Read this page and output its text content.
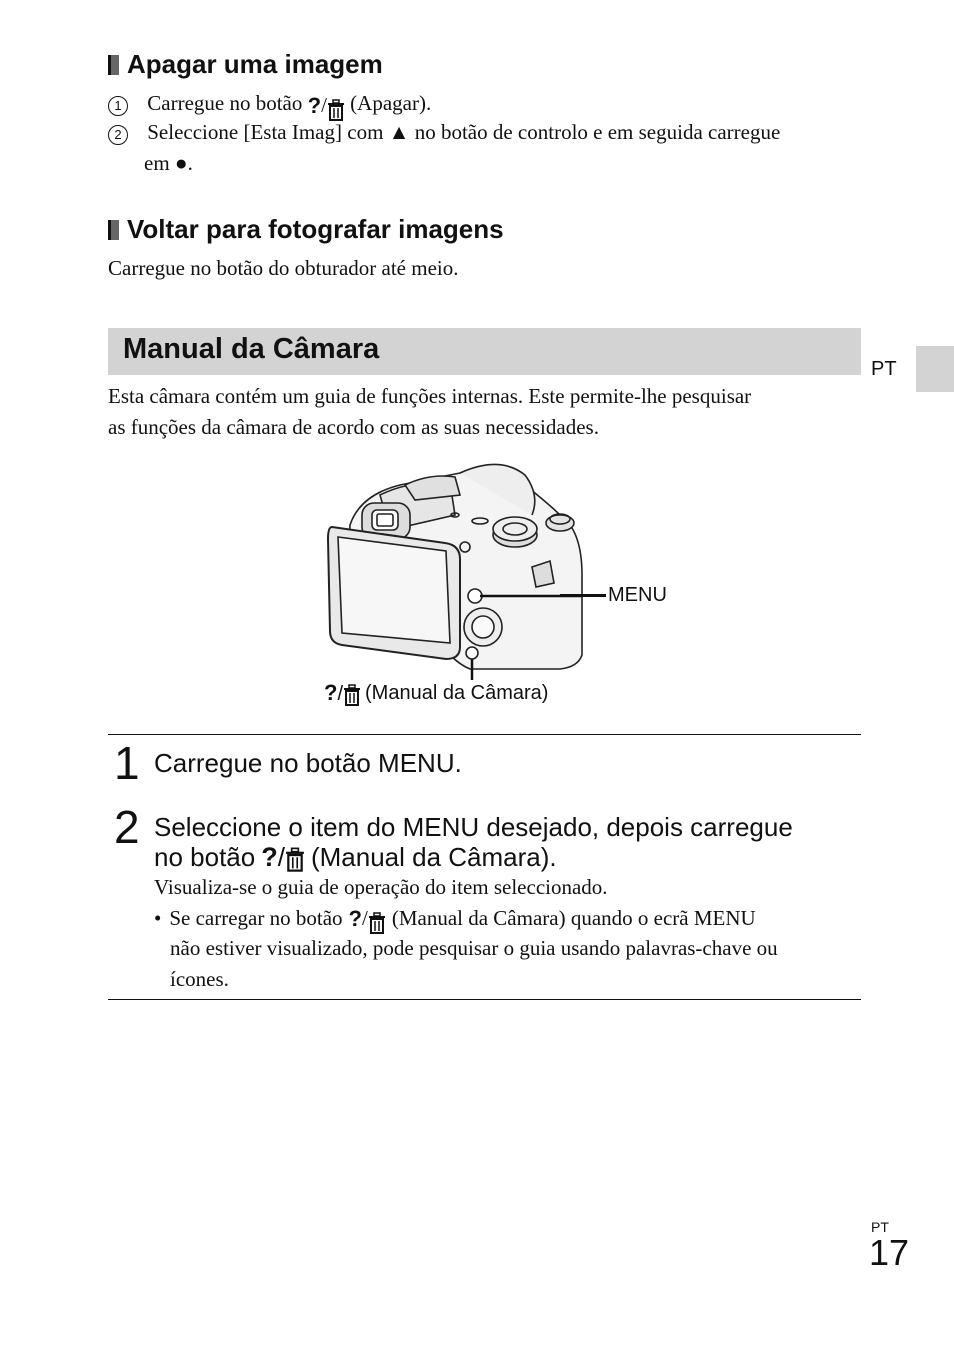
Apagar uma imagem
1 Carregue no botão ? / (Apagar).
2 Seleccione [Esta Imag] com ▲ no botão de controlo e em seguida carregue
em ●.
Voltar para fotografar imagens
Carregue no botão do obturador até meio.
Manual da Câmara
PT
Esta câmara contém um guia de funções internas. Este permite-lhe pesquisar
as funções da câmara de acordo com as suas necessidades.
MENU
? /	(Manual da Câmara)
1 Carregue no botão MENU.
2 Seleccione o item do MENU desejado, depois carregue
no botão ? /	(Manual da Câmara).
Visualiza-se o guia de operação do item seleccionado.
• Se carregar no botão ? /	(Manual da Câmara) quando o ecrã MENU
não estiver visualizado, pode pesquisar o guia usando palavras-chave ou
ícones.
PT
17
